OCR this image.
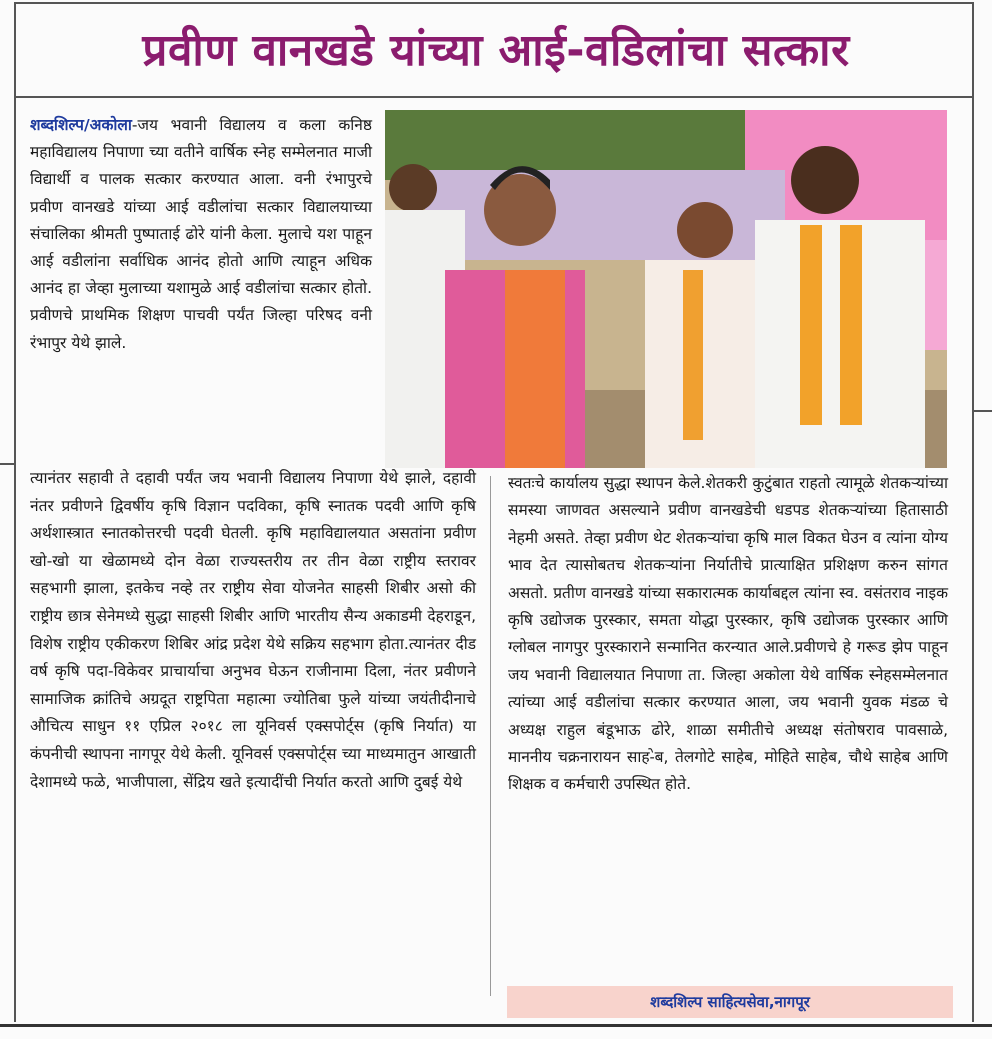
प्रवीण वानखडे यांच्या आई-वडिलांचा सत्कार
शब्दशिल्प/अकोला-जय भवानी विद्यालय व कला कनिष्ठ महाविद्यालय निपाणा च्या वतीने वार्षिक स्नेह सम्मेलनात माजी विद्यार्थी व पालक सत्कार करण्यात आला. वनी रंभापुरचे प्रवीण वानखडे यांच्या आई वडीलांचा सत्कार विद्यालयाच्या संचालिका श्रीमती पुष्पाताई ढोरे यांनी केला. मुलाचे यश पाहून आई वडीलांना सर्वाधिक आनंद होतो आणि त्याहून अधिक आनंद हा जेव्हा मुलाच्या यशामुळे आई वडीलांचा सत्कार होतो. प्रवीणचे प्राथमिक शिक्षण पाचवी पर्यंत जिल्हा परिषद वनी रंभापुर येथे झाले.
त्यानंतर सहावी ते दहावी पर्यंत जय भवानी विद्यालय निपाणा येथे झाले, दहावी नंतर प्रवीणने द्विवर्षीय कृषि विज्ञान पदविका, कृषि स्नातक पदवी आणि कृषि अर्थशास्त्रात स्नातकोत्तरची पदवी घेतली. कृषि महाविद्यालयात असतांना प्रवीण खो-खो या खेळामध्ये दोन वेळा राज्यस्तरीय तर तीन वेळा राष्ट्रीय स्तरावर सहभागी झाला, इतकेच नव्हे तर राष्ट्रीय सेवा योजनेत साहसी शिबीर असो की राष्ट्रीय छात्र सेनेमध्ये सुद्धा साहसी शिबीर आणि भारतीय सैन्य अकाडमी देहराडून, विशेष राष्ट्रीय एकीकरण शिबिर आंद्र प्रदेश येथे सक्रिय सहभाग होता.त्यानंतर दीड वर्ष कृषि पदा-विकेवर प्राचार्याचा अनुभव घेऊन राजीनामा दिला, नंतर प्रवीणने सामाजिक क्रांतिचे अग्रदूत राष्ट्रपिता महात्मा ज्योतिबा फुले यांच्या जयंतीदीनाचे औचित्य साधुन ११ एप्रिल २०१८ ला यूनिवर्स एक्सपोर्ट्स (कृषि निर्यात) या कंपनीची स्थापना नागपूर येथे केली. यूनिवर्स एक्सपोर्ट्स च्या माध्यमातुन आखाती देशामध्ये फळे, भाजीपाला, सेंद्रिय खते इत्यादींची निर्यात करतो आणि दुबई येथे
स्वतःचे कार्यालय सुद्धा स्थापन केले.शेतकरी कुटुंबात राहतो त्यामूळे शेतकऱ्यांच्या समस्या जाणवत असल्याने प्रवीण वानखडेची धडपड शेतकऱ्यांच्या हितासाठी नेहमी असते. तेव्हा प्रवीण थेट शेतकऱ्यांचा कृषि माल विकत घेउन व त्यांना योग्य भाव देत त्यासोबतच शेतकऱ्यांना निर्यातीचे प्रात्याक्षित प्रशिक्षण करुन सांगत असतो. प्रतीण वानखडे यांच्या सकारात्मक कार्याबद्दल त्यांना स्व. वसंतराव नाइक कृषि उद्योजक पुरस्कार, समता योद्धा पुरस्कार, कृषि उद्योजक पुरस्कार आणि ग्लोबल नागपुर पुरस्काराने सन्मानित करन्यात आले.प्रवीणचे हे गरूड झेप पाहून जय भवानी विद्यालयात निपाणा ता. जिल्हा अकोला येथे वार्षिक स्नेहसम्मेलनात त्यांच्या आई वडीलांचा सत्कार करण्यात आला, जय भवानी युवक मंडळ चे अध्यक्ष राहुल बंडूभाऊ ढोरे, शाळा समीतीचे अध्यक्ष संतोषराव पावसाळे, माननीय चक्रनारायन साह-ेब, तेलगोटे साहेब, मोहिते साहेब, चौथे साहेब आणि शिक्षक व कर्मचारी उपस्थित होते.
शब्दशिल्प साहित्यसेवा,नागपूर
